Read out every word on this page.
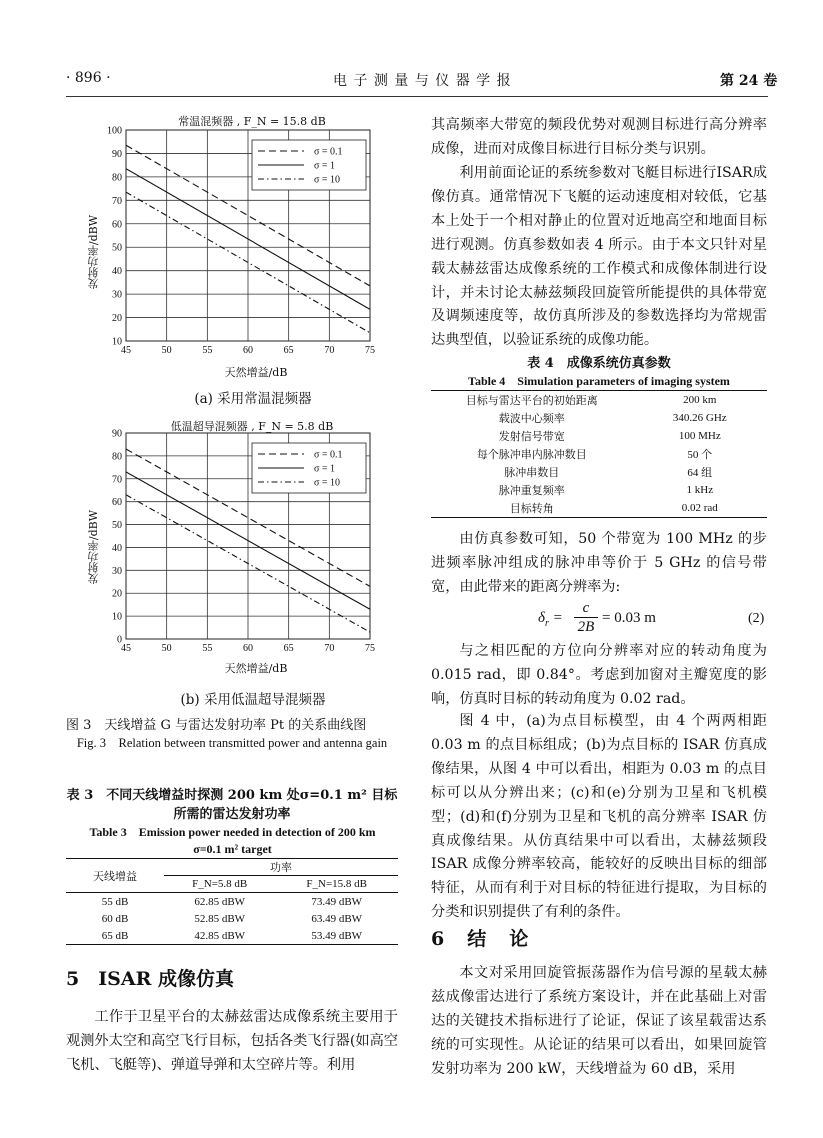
· 896 ·	电 子 测 量 与 仪 器 学 报	第 24 卷
常温混频器 , F_N = 15.8 dB
发射功率/dBW
45	50	55	60	65	70	75
10
20
30
40
50
60
70
80
90
100
σ = 0.1
σ = 1
σ = 10
天然增益/dB
(a) 采用常温混频器
低温超导混频器 , F_N = 5.8 dB
发射功率/dBW
45	50	55	60	65	70	75
0
10
20
30
40
50
60
70
80
90
σ = 0.1
σ = 1
σ = 10
天然增益/dB
(b) 采用低温超导混频器
图 3　天线增益 G 与雷达发射功率 Pt 的关系曲线图
Fig. 3　Relation between transmitted power and antenna gain
表 3　不同天线增益时探测 200 km 处σ=0.1 m² 目标所需的雷达发射功率
Table 3　Emission power needed in detection of 200 km σ=0.1 m² target
天线增益	功率	
	F_N=5.8 dB	F_N=15.8 dB
55 dB	62.85 dBW	73.49 dBW
60 dB	52.85 dBW	63.49 dBW
65 dB	42.85 dBW	53.49 dBW
5　ISAR 成像仿真

工作于卫星平台的太赫兹雷达成像系统主要用于观测外太空和高空飞行目标，包括各类飞行器(如高空飞机、飞艇等)、弹道导弹和太空碎片等。利用

其高频率大带宽的频段优势对观测目标进行高分辨率成像，进而对成像目标进行目标分类与识别。

利用前面论证的系统参数对飞艇目标进行ISAR成像仿真。通常情况下飞艇的运动速度相对较低，它基本上处于一个相对静止的位置对近地高空和地面目标进行观测。仿真参数如表 4 所示。由于本文只针对星载太赫兹雷达成像系统的工作模式和成像体制进行设计，并未讨论太赫兹频段回旋管所能提供的具体带宽及调频速度等，故仿真所涉及的参数选择均为常规雷达典型值，以验证系统的成像功能。

表 4　成像系统仿真参数
Table 4　Simulation parameters of imaging system
目标与雷达平台的初始距离	200 km
载波中心频率	340.26 GHz
发射信号带宽	100 MHz
每个脉冲串内脉冲数目	50 个
脉冲串数目	64 组
脉冲重复频率	1 kHz
目标转角	0.02 rad

由仿真参数可知，50 个带宽为 100 MHz 的步进频率脉冲组成的脉冲串等价于 5 GHz 的信号带宽，由此带来的距离分辨率为:

$\delta_r$ =
c
2B
= 0.03 m	(2)

与之相匹配的方位向分辨率对应的转动角度为 0.015 rad，即 0.84°。考虑到加窗对主瓣宽度的影响，仿真时目标的转动角度为 0.02 rad。

图 4 中，(a)为点目标模型，由 4 个两两相距 0.03 m 的点目标组成；(b)为点目标的 ISAR 仿真成像结果，从图 4 中可以看出，相距为 0.03 m 的点目标可以从分辨出来；(c)和(e)分别为卫星和飞机模型；(d)和(f)分别为卫星和飞机的高分辨率 ISAR 仿真成像结果。从仿真结果中可以看出，太赫兹频段 ISAR 成像分辨率较高，能较好的反映出目标的细部特征，从而有利于对目标的特征进行提取，为目标的分类和识别提供了有利的条件。

6　结　论

本文对采用回旋管振荡器作为信号源的星载太赫兹成像雷达进行了系统方案设计，并在此基础上对雷达的关键技术指标进行了论证，保证了该星载雷达系统的可实现性。从论证的结果可以看出，如果回旋管发射功率为 200 kW，天线增益为 60 dB，采用
